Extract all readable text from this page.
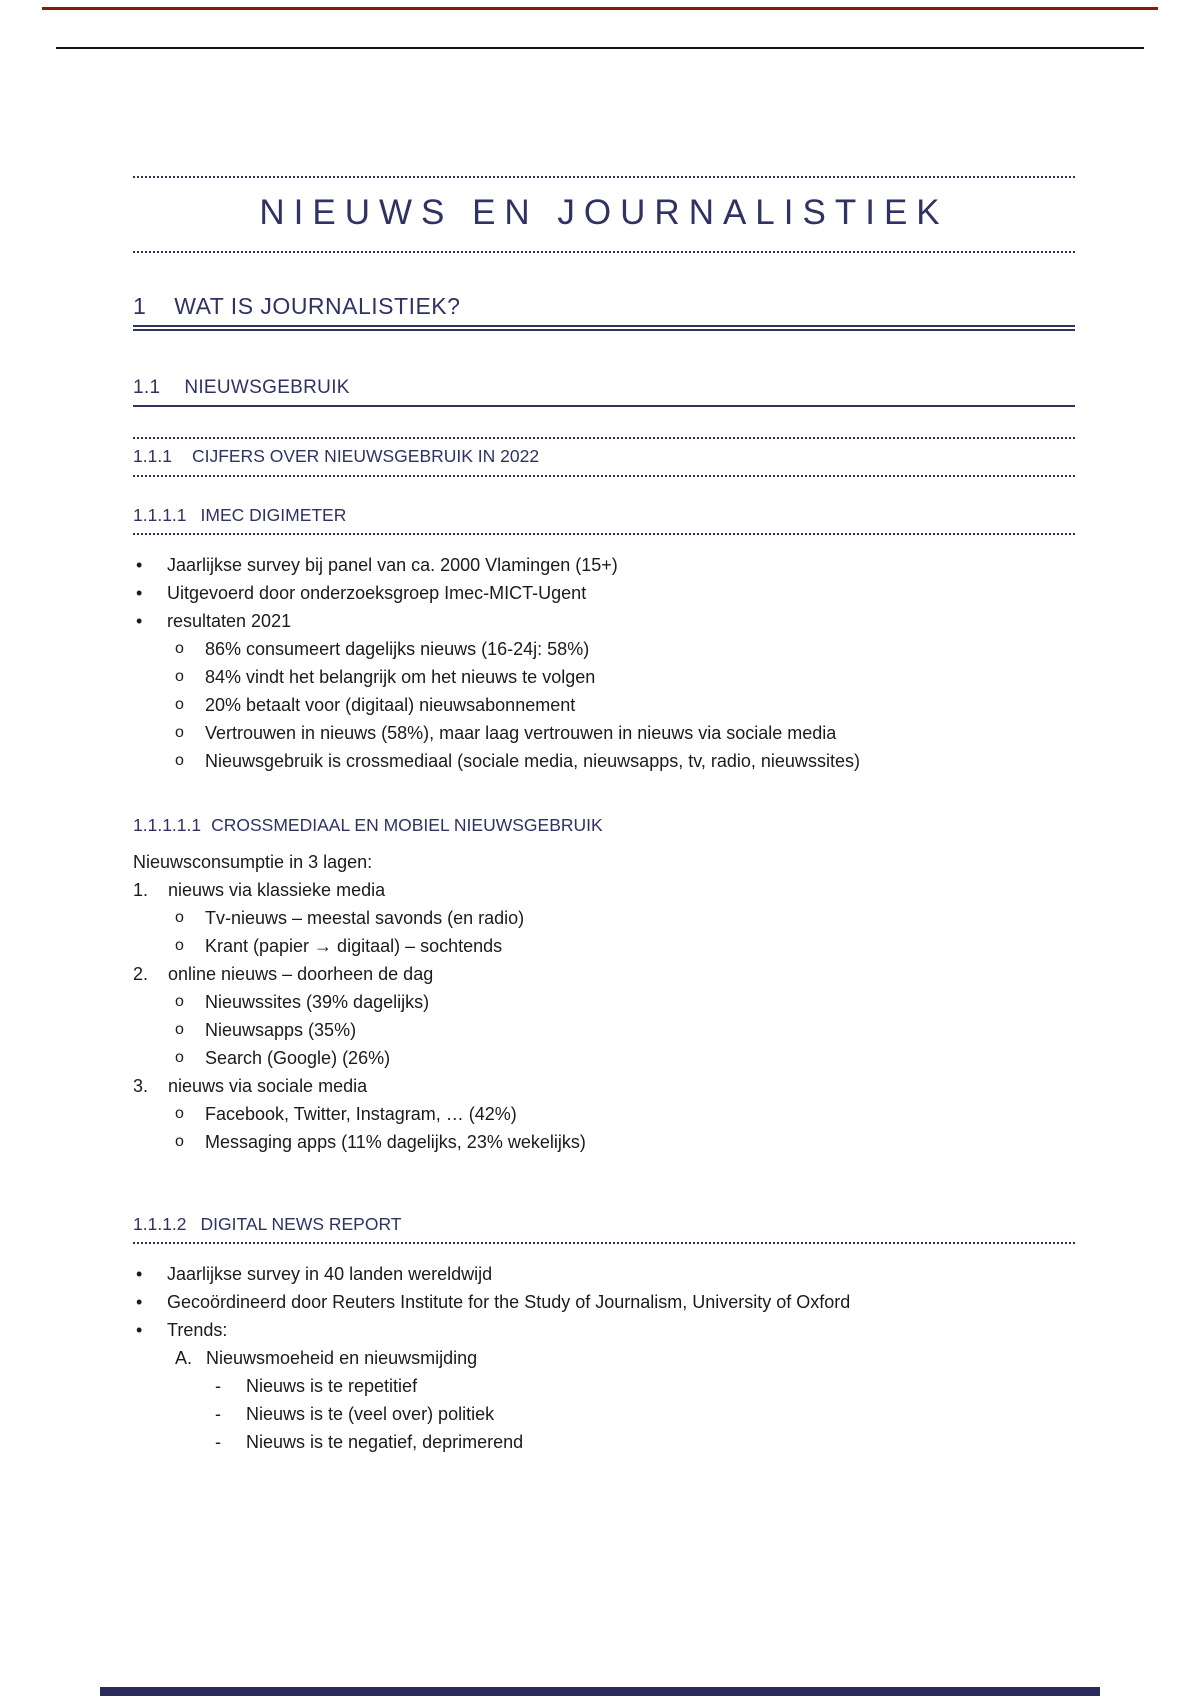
NIEUWS EN JOURNALISTIEK
1 WAT IS JOURNALISTIEK?
1.1 NIEUWSGEBRUIK
1.1.1 CIJFERS OVER NIEUWSGEBRUIK IN 2022
1.1.1.1 IMEC DIGIMETER
•	Jaarlijkse survey bij panel van ca. 2000 Vlamingen (15+)
•	Uitgevoerd door onderzoeksgroep Imec-MICT-Ugent
•	resultaten 2021
o	86% consumeert dagelijks nieuws (16-24j: 58%)
o	84% vindt het belangrijk om het nieuws te volgen
o	20% betaalt voor (digitaal) nieuwsabonnement
o	Vertrouwen in nieuws (58%), maar laag vertrouwen in nieuws via sociale media
o	Nieuwsgebruik is crossmediaal (sociale media, nieuwsapps, tv, radio, nieuwssites)
1.1.1.1.1 CROSSMEDIAAL EN MOBIEL NIEUWSGEBRUIK
Nieuwsconsumptie in 3 lagen:
1.	nieuws via klassieke media
o	Tv-nieuws – meestal savonds (en radio)
o	Krant (papier → digitaal) – sochtends
2.	online nieuws – doorheen de dag
o	Nieuwssites (39% dagelijks)
o	Nieuwsapps (35%)
o	Search (Google) (26%)
3.	nieuws via sociale media
o	Facebook, Twitter, Instagram, … (42%)
o	Messaging apps (11% dagelijks, 23% wekelijks)
1.1.1.2 DIGITAL NEWS REPORT
•	Jaarlijkse survey in 40 landen wereldwijd
•	Gecoördineerd door Reuters Institute for the Study of Journalism, University of Oxford
•	Trends:
A. Nieuwsmoeheid en nieuwsmijding
-	Nieuws is te repetitief
-	Nieuws is te (veel over) politiek
-	Nieuws is te negatief, deprimerend
